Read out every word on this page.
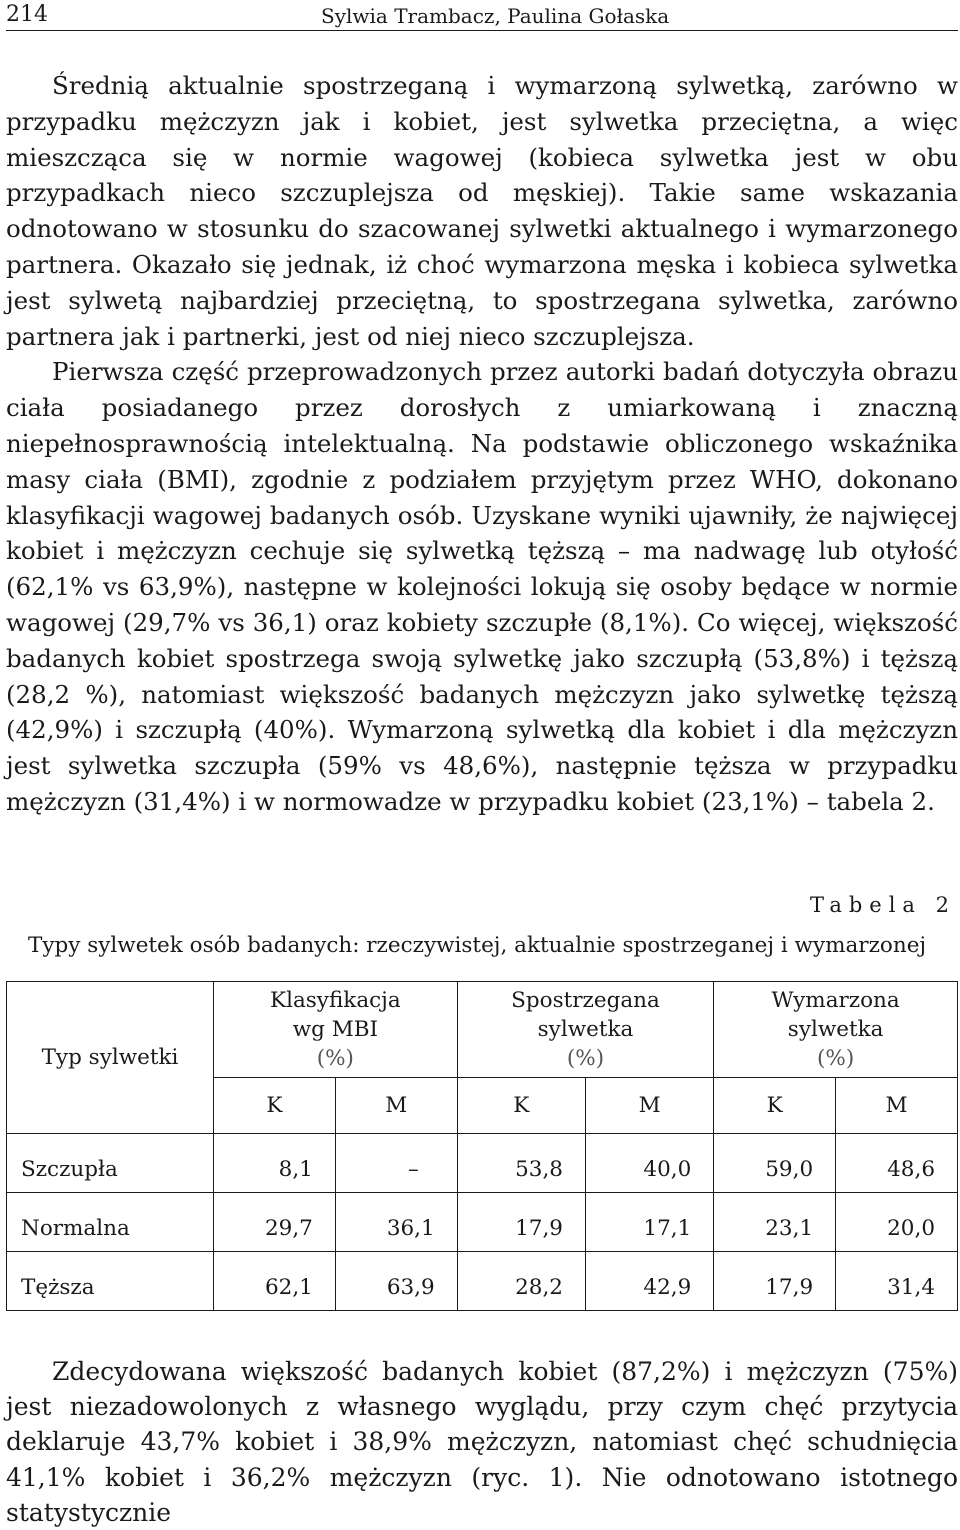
214	Sylwia Trambacz, Paulina Gołaska

Średnią aktualnie spostrzeganą i wymarzoną sylwetką, zarówno w przypadku mężczyzn jak i kobiet, jest sylwetka przeciętna, a więc mieszcząca się w normie wagowej (kobieca sylwetka jest w obu przypadkach nieco szczuplejsza od męskiej). Takie same wskazania odnotowano w stosunku do szacowanej sylwetki aktualnego i wymarzonego partnera. Okazało się jednak, iż choć wymarzona męska i kobieca sylwetka jest sylwetą najbardziej przeciętną, to spostrzegana sylwetka, zarówno partnera jak i partnerki, jest od niej nieco szczuplejsza.

Pierwsza część przeprowadzonych przez autorki badań dotyczyła obrazu ciała posiadanego przez dorosłych z umiarkowaną i znaczną niepełnosprawnością intelektualną. Na podstawie obliczonego wskaźnika masy ciała (BMI), zgodnie z podziałem przyjętym przez WHO, dokonano klasyfikacji wagowej badanych osób. Uzyskane wyniki ujawniły, że najwięcej kobiet i mężczyzn cechuje się sylwetką tęższą – ma nadwagę lub otyłość (62,1% vs 63,9%), następne w kolejności lokują się osoby będące w normie wagowej (29,7% vs 36,1) oraz kobiety szczupłe (8,1%). Co więcej, większość badanych kobiet spostrzega swoją sylwetkę jako szczupłą (53,8%) i tęższą (28,2 %), natomiast większość badanych mężczyzn jako sylwetkę tęższą (42,9%) i szczupłą (40%). Wymarzoną sylwetką dla kobiet i dla mężczyzn jest sylwetka szczupła (59% vs 48,6%), następnie tęższa w przypadku mężczyzn (31,4%) i w normowadze w przypadku kobiet (23,1%) – tabela 2.

Tabela 2
Typy sylwetek osób badanych: rzeczywistej, aktualnie spostrzeganej i wymarzonej
Typ sylwetki	Klasyfikacja
wg MBI
(%)		Spostrzegana
sylwetka
(%)		Wymarzona
sylwetka
(%)	
	K	M	K	M	K	M
Szczupła	8,1	–	53,8	40,0	59,0	48,6
Normalna	29,7	36,1	17,9	17,1	23,1	20,0
Tęższa	62,1	63,9	28,2	42,9	17,9	31,4

Zdecydowana większość badanych kobiet (87,2%) i mężczyzn (75%) jest niezadowolonych z własnego wyglądu, przy czym chęć przytycia deklaruje 43,7% kobiet i 38,9% mężczyzn, natomiast chęć schudnięcia 41,1% kobiet i 36,2% mężczyzn (ryc. 1). Nie odnotowano istotnego statystycznie
